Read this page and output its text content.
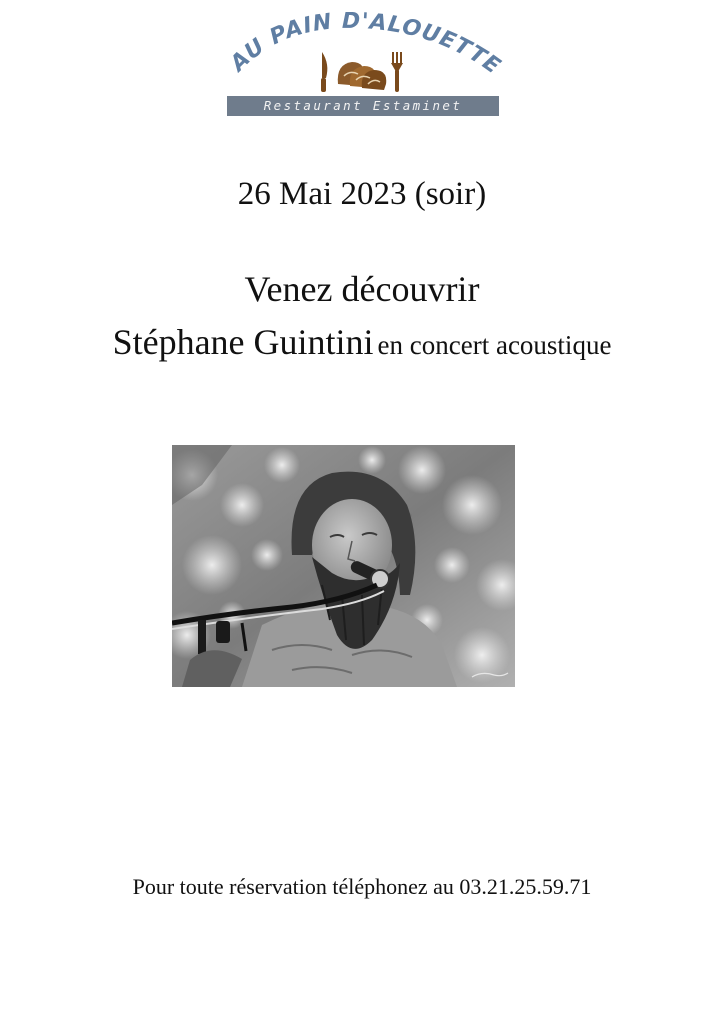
AU PAIN D'ALOUETTE
Restaurant Estaminet
26 Mai 2023 (soir)
Venez découvrir
Stéphane Guintini en concert acoustique
Pour toute réservation téléphonez au 03.21.25.59.71
